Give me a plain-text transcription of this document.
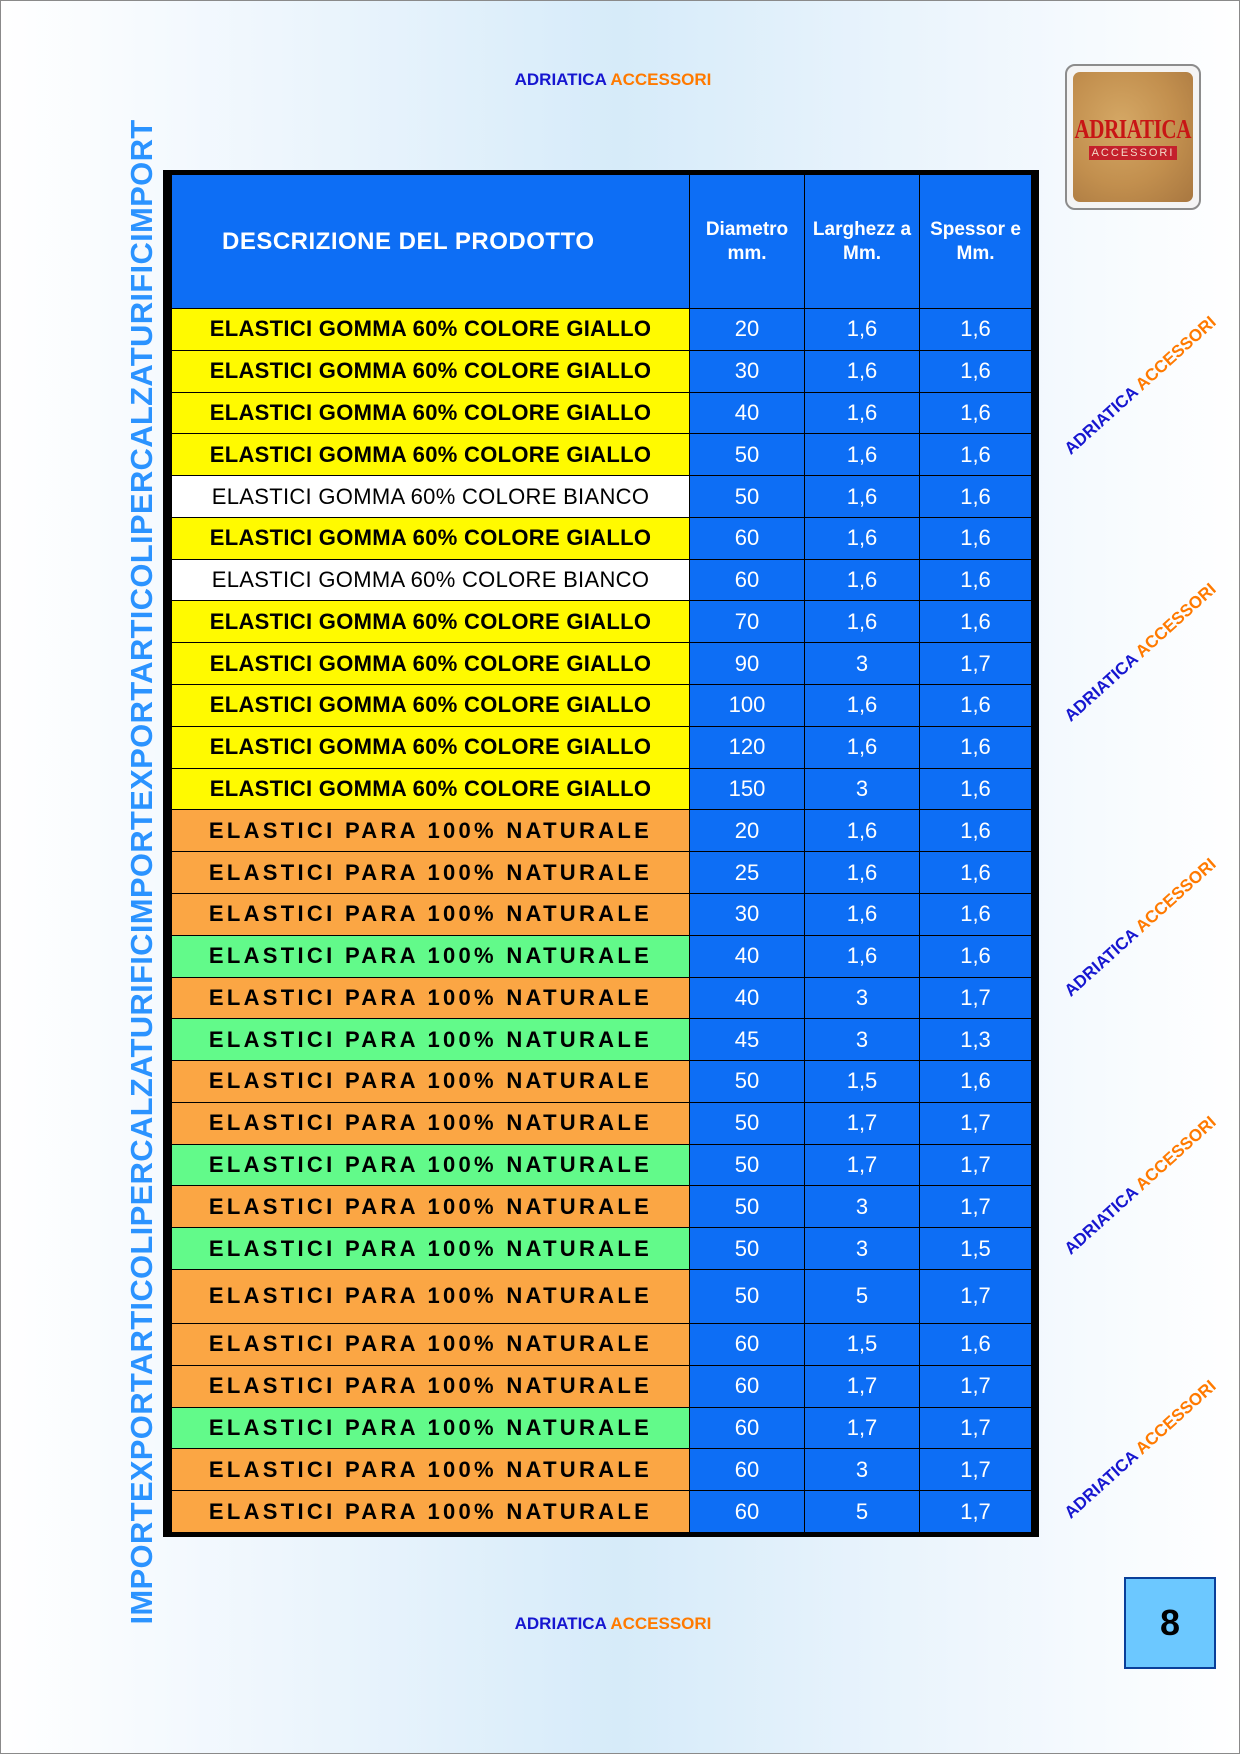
IMPORTEXPORTARTICOLIPERCALZATURIFICIMPORTEXPORTARTICOLIPERCALZATURIFICIMPORT
ADRIATICA ACCESSORI
ADRIATICA
ACCESSORI
ADRIATICA ACCESSORI
ADRIATICA ACCESSORI
ADRIATICA ACCESSORI
ADRIATICA ACCESSORI
ADRIATICA ACCESSORI
DESCRIZIONE DEL PRODOTTO	Diametro mm.	Larghezz a Mm.	Spessor e Mm.
ELASTICI GOMMA 60% COLORE GIALLO	20	1,6	1,6
ELASTICI GOMMA 60% COLORE GIALLO	30	1,6	1,6
ELASTICI GOMMA 60% COLORE GIALLO	40	1,6	1,6
ELASTICI GOMMA 60% COLORE GIALLO	50	1,6	1,6
ELASTICI GOMMA 60% COLORE BIANCO	50	1,6	1,6
ELASTICI GOMMA 60% COLORE GIALLO	60	1,6	1,6
ELASTICI GOMMA 60% COLORE BIANCO	60	1,6	1,6
ELASTICI GOMMA 60% COLORE GIALLO	70	1,6	1,6
ELASTICI GOMMA 60% COLORE GIALLO	90	3	1,7
ELASTICI GOMMA 60% COLORE GIALLO	100	1,6	1,6
ELASTICI GOMMA 60% COLORE GIALLO	120	1,6	1,6
ELASTICI GOMMA 60% COLORE GIALLO	150	3	1,6
ELASTICI PARA 100% NATURALE	20	1,6	1,6
ELASTICI PARA 100% NATURALE	25	1,6	1,6
ELASTICI PARA 100% NATURALE	30	1,6	1,6
ELASTICI PARA 100% NATURALE	40	1,6	1,6
ELASTICI PARA 100% NATURALE	40	3	1,7
ELASTICI PARA 100% NATURALE	45	3	1,3
ELASTICI PARA 100% NATURALE	50	1,5	1,6
ELASTICI PARA 100% NATURALE	50	1,7	1,7
ELASTICI PARA 100% NATURALE	50	1,7	1,7
ELASTICI PARA 100% NATURALE	50	3	1,7
ELASTICI PARA 100% NATURALE	50	3	1,5
ELASTICI PARA 100% NATURALE	50	5	1,7
ELASTICI PARA 100% NATURALE	60	1,5	1,6
ELASTICI PARA 100% NATURALE	60	1,7	1,7
ELASTICI PARA 100% NATURALE	60	1,7	1,7
ELASTICI PARA 100% NATURALE	60	3	1,7
ELASTICI PARA 100% NATURALE	60	5	1,7
ADRIATICA ACCESSORI	8
